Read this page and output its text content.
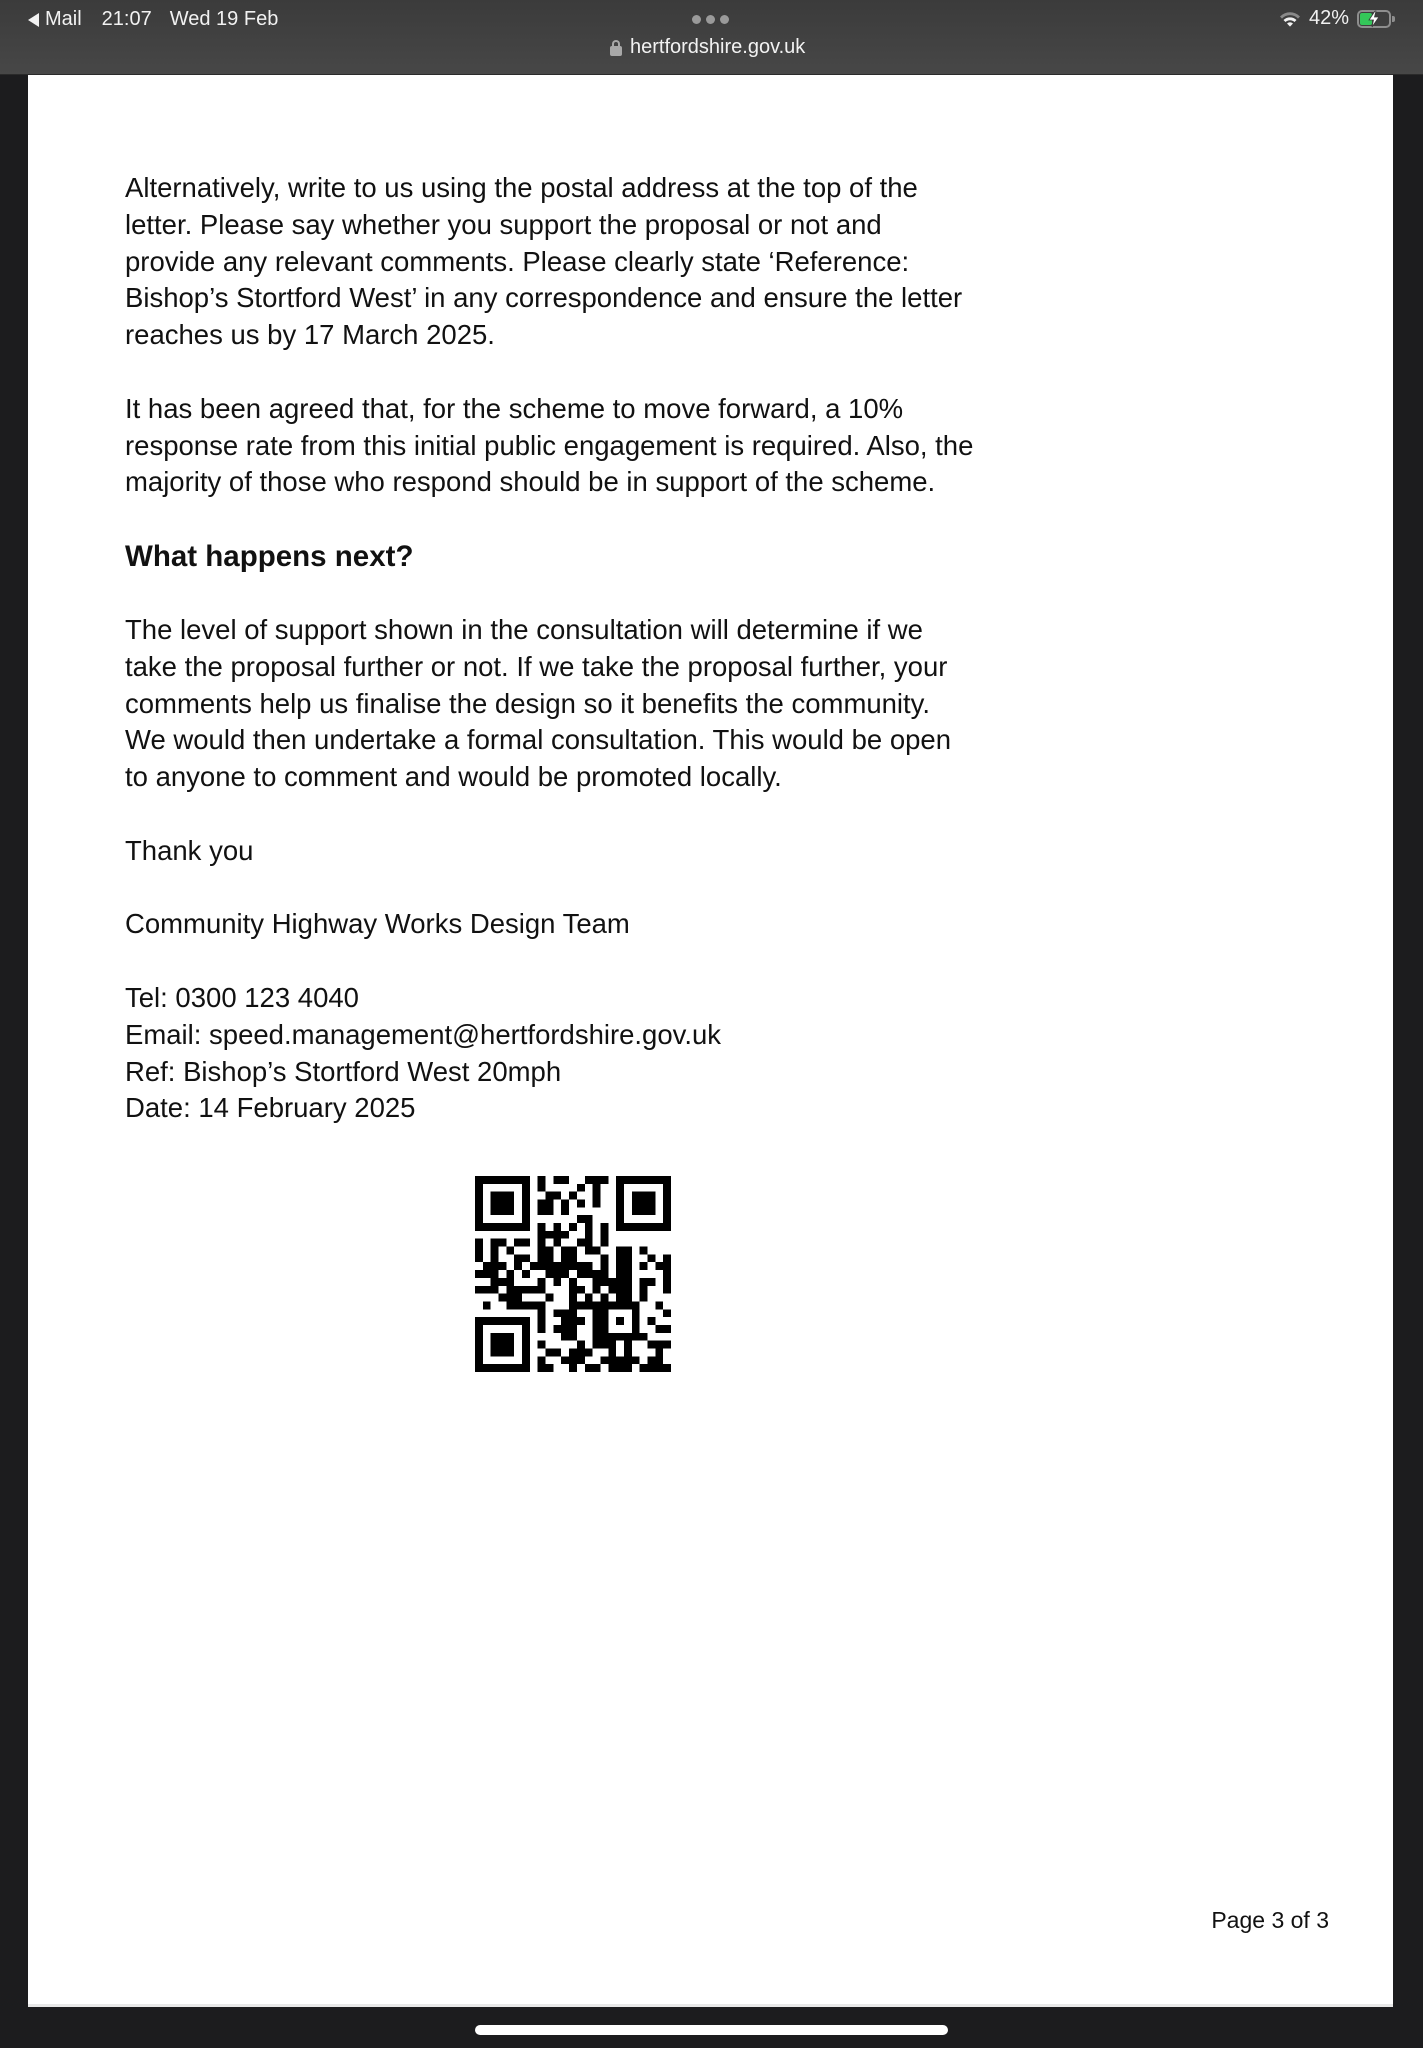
Mail 21:07 Wed 19 Feb
hertfordshire.gov.uk
42%

Alternatively, write to us using the postal address at the top of the
letter. Please say whether you support the proposal or not and
provide any relevant comments. Please clearly state ‘Reference:
Bishop’s Stortford West’ in any correspondence and ensure the letter
reaches us by 17 March 2025.

It has been agreed that, for the scheme to move forward, a 10%
response rate from this initial public engagement is required. Also, the
majority of those who respond should be in support of the scheme.

What happens next?

The level of support shown in the consultation will determine if we
take the proposal further or not. If we take the proposal further, your
comments help us finalise the design so it benefits the community.
We would then undertake a formal consultation. This would be open
to anyone to comment and would be promoted locally.

Thank you

Community Highway Works Design Team

Tel: 0300 123 4040
Email: speed.management@hertfordshire.gov.uk
Ref: Bishop’s Stortford West 20mph
Date: 14 February 2025

Page 3 of 3
